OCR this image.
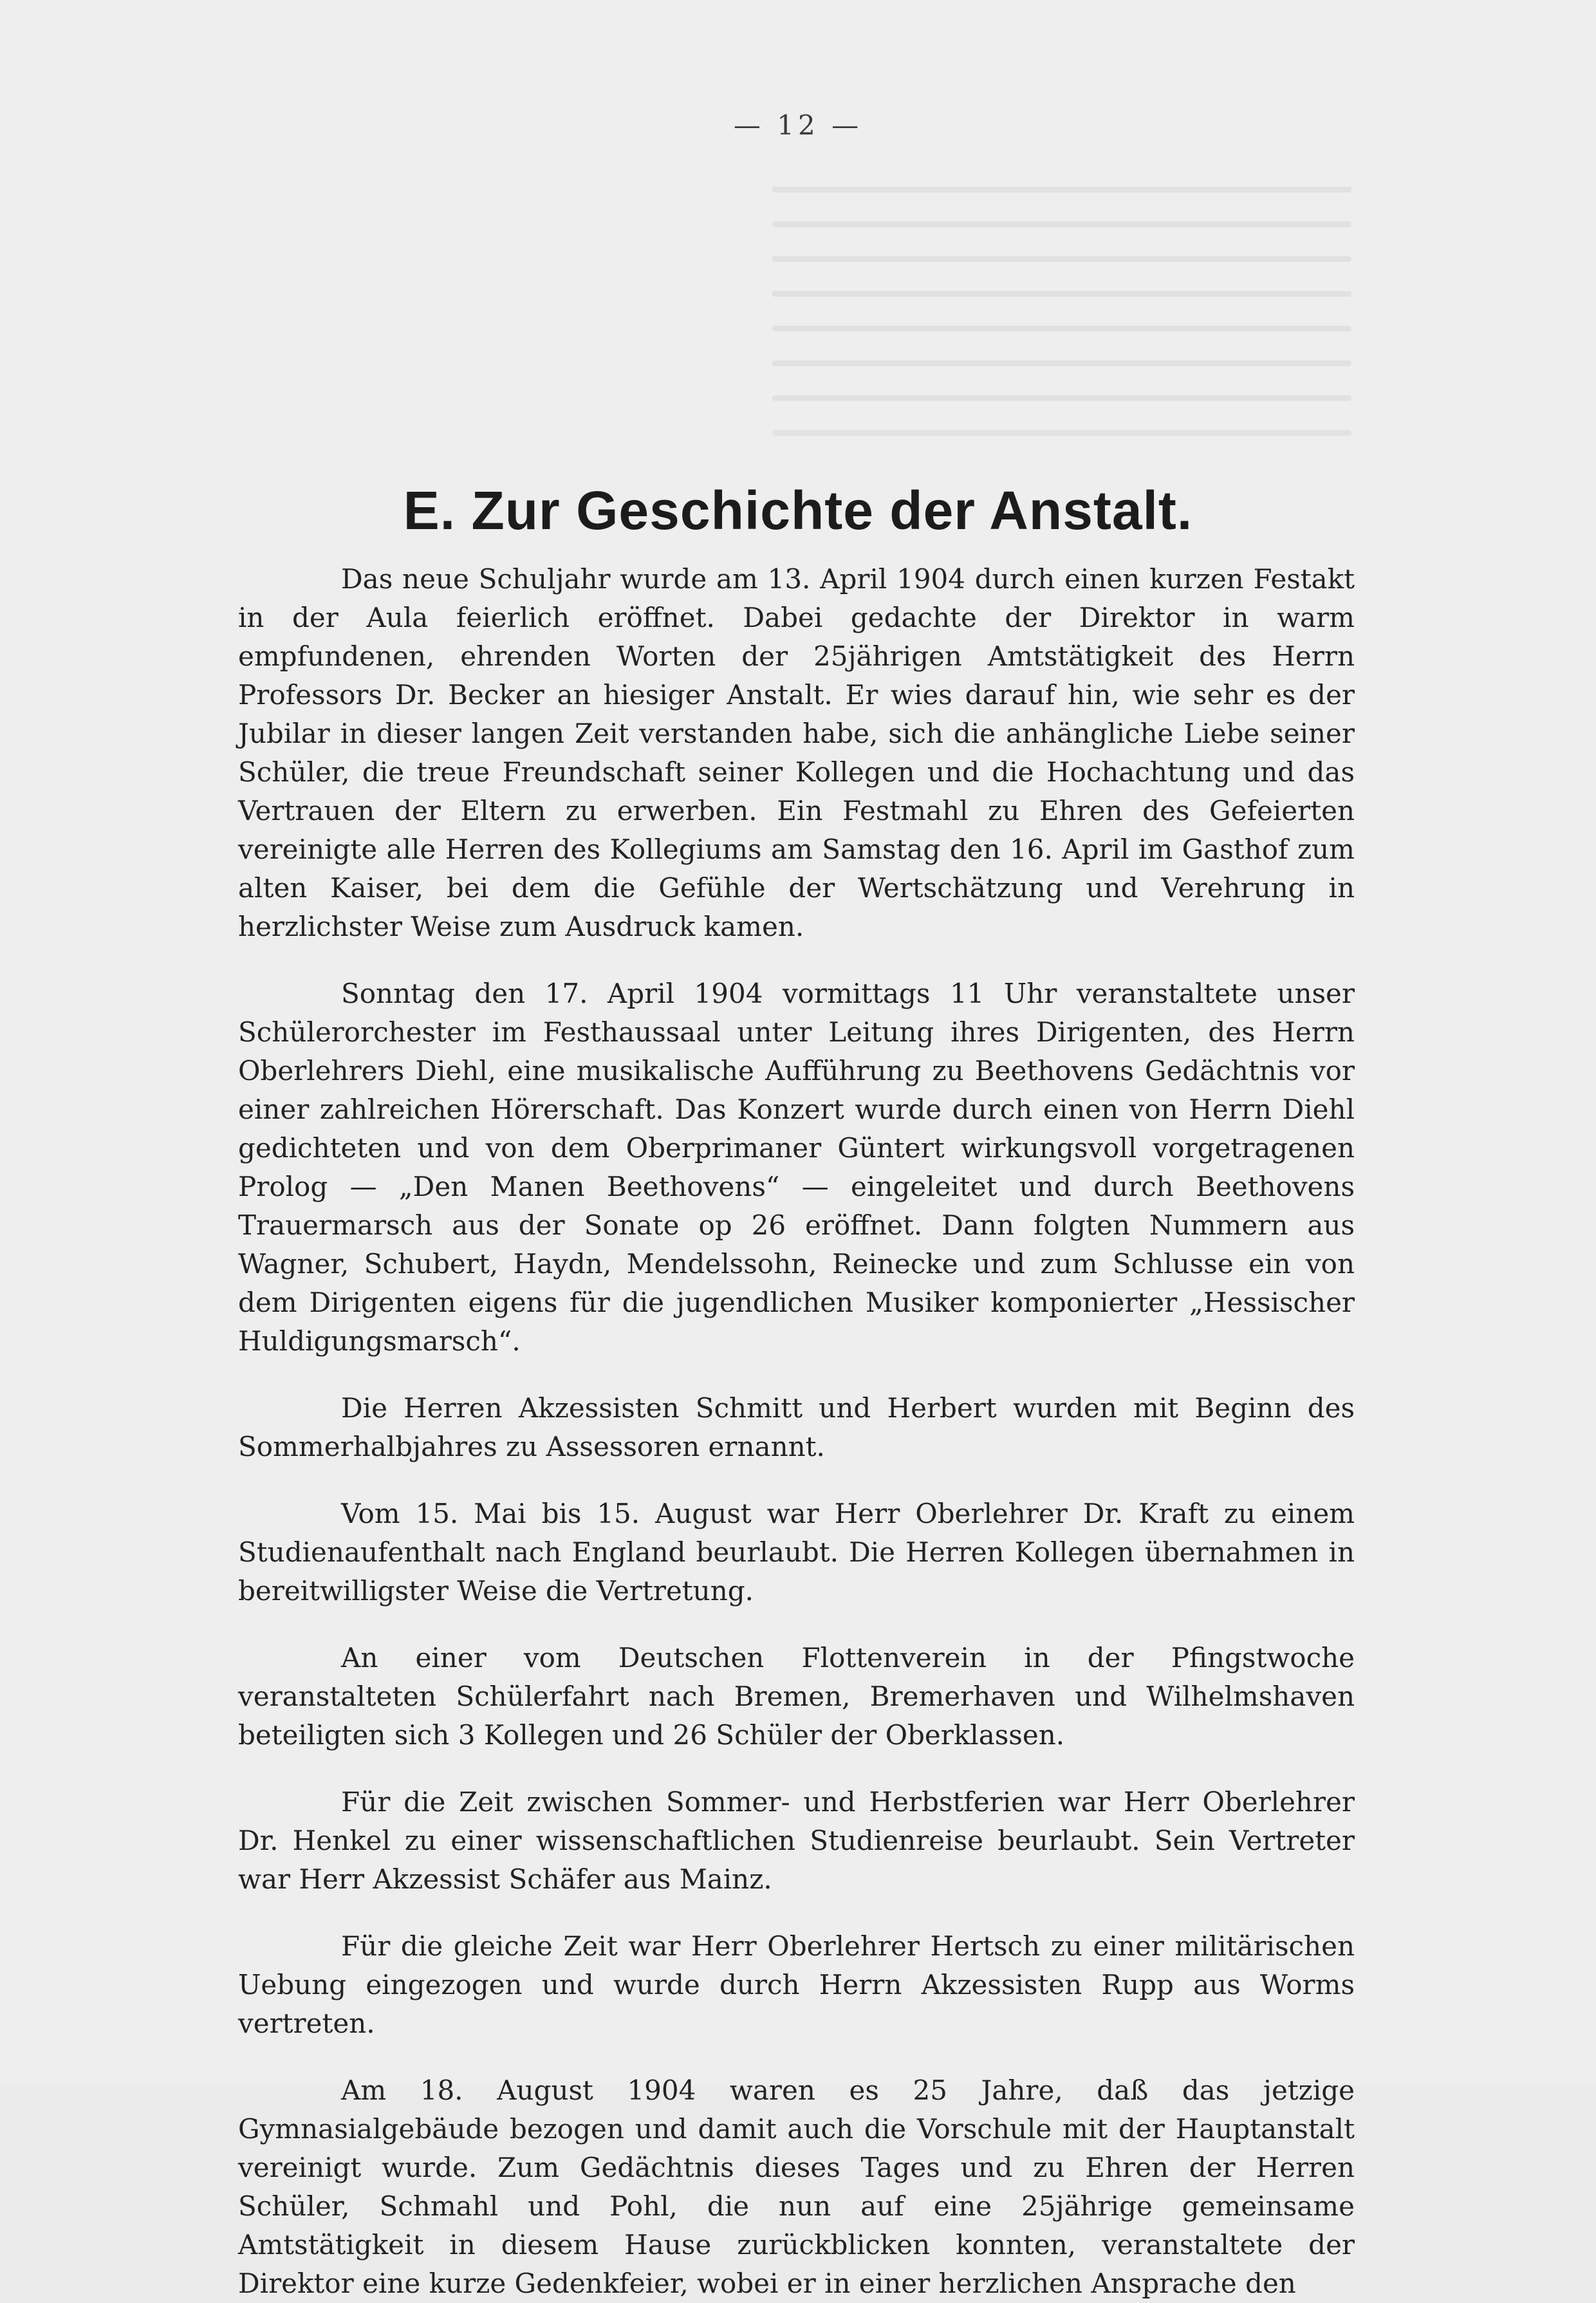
— 12 —
E. Zur Geschichte der Anstalt.

Das neue Schuljahr wurde am 13. April 1904 durch einen kurzen Festakt in der Aula feierlich eröffnet. Dabei gedachte der Direktor in warm empfundenen, ehrenden Worten der 25jährigen Amtstätigkeit des Herrn Professors Dr. Becker an hiesiger Anstalt. Er wies darauf hin, wie sehr es der Jubilar in dieser langen Zeit verstanden habe, sich die anhängliche Liebe seiner Schüler, die treue Freundschaft seiner Kollegen und die Hochachtung und das Vertrauen der Eltern zu erwerben. Ein Festmahl zu Ehren des Gefeierten vereinigte alle Herren des Kollegiums am Samstag den 16. April im Gasthof zum alten Kaiser, bei dem die Gefühle der Wertschätzung und Verehrung in herzlichster Weise zum Ausdruck kamen.

Sonntag den 17. April 1904 vormittags 11 Uhr veranstaltete unser Schülerorchester im Festhaussaal unter Leitung ihres Dirigenten, des Herrn Oberlehrers Diehl, eine musikalische Aufführung zu Beethovens Gedächtnis vor einer zahlreichen Hörerschaft. Das Konzert wurde durch einen von Herrn Diehl gedichteten und von dem Oberprimaner Güntert wirkungsvoll vorgetragenen Prolog — „Den Manen Beethovens“ — eingeleitet und durch Beethovens Trauermarsch aus der Sonate op 26 eröffnet. Dann folgten Nummern aus Wagner, Schubert, Haydn, Mendelssohn, Reinecke und zum Schlusse ein von dem Dirigenten eigens für die jugendlichen Musiker komponierter „Hessischer Huldigungsmarsch“.

Die Herren Akzessisten Schmitt und Herbert wurden mit Beginn des Sommerhalbjahres zu Assessoren ernannt.

Vom 15. Mai bis 15. August war Herr Oberlehrer Dr. Kraft zu einem Studienaufenthalt nach England beurlaubt. Die Herren Kollegen übernahmen in bereitwilligster Weise die Vertretung.

An einer vom Deutschen Flottenverein in der Pfingstwoche veranstalteten Schülerfahrt nach Bremen, Bremerhaven und Wilhelmshaven beteiligten sich 3 Kollegen und 26 Schüler der Oberklassen.

Für die Zeit zwischen Sommer- und Herbstferien war Herr Oberlehrer Dr. Henkel zu einer wissenschaftlichen Studienreise beurlaubt. Sein Vertreter war Herr Akzessist Schäfer aus Mainz.

Für die gleiche Zeit war Herr Oberlehrer Hertsch zu einer militärischen Uebung eingezogen und wurde durch Herrn Akzessisten Rupp aus Worms vertreten.

Am 18. August 1904 waren es 25 Jahre, daß das jetzige Gymnasialgebäude bezogen und damit auch die Vorschule mit der Hauptanstalt vereinigt wurde. Zum Gedächtnis dieses Tages und zu Ehren der Herren Schüler, Schmahl und Pohl, die nun auf eine 25jährige gemeinsame Amtstätigkeit in diesem Hause zurückblicken konnten, veranstaltete der Direktor eine kurze Gedenkfeier, wobei er in einer herzlichen Ansprache den
